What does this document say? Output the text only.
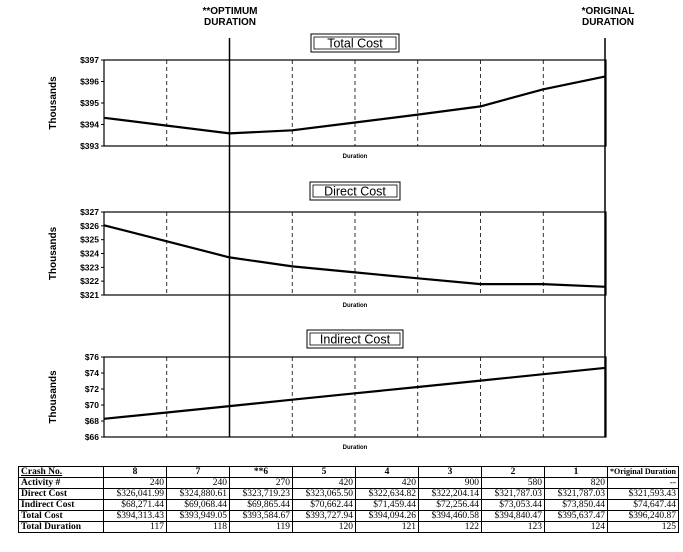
**OPTIMUM
DURATION
*ORIGINAL
DURATION
$393
$394
$395
$396
$397
Thousands
Duration
Total Cost
$321
$322
$323
$324
$325
$326
$327
Thousands
Duration
Direct Cost
$66
$68
$70
$72
$74
$76
Thousands
Duration
Indirect Cost
Crash No.	8	7	**6	5	4	3	2	1	*Original Duration
Activity #	240	240	270	420	420	900	580	820	--
Direct Cost	$326,041.99	$324,880.61	$323,719.23	$323,065.50	$322,634.82	$322,204.14	$321,787.03	$321,787.03	$321,593.43
Indirect Cost	$68,271.44	$69,068.44	$69,865.44	$70,662.44	$71,459.44	$72,256.44	$73,053.44	$73,850.44	$74,647.44
Total Cost	$394,313.43	$393,949.05	$393,584.67	$393,727.94	$394,094.26	$394,460.58	$394,840.47	$395,637.47	$396,240.87
Total Duration	117	118	119	120	121	122	123	124	125
